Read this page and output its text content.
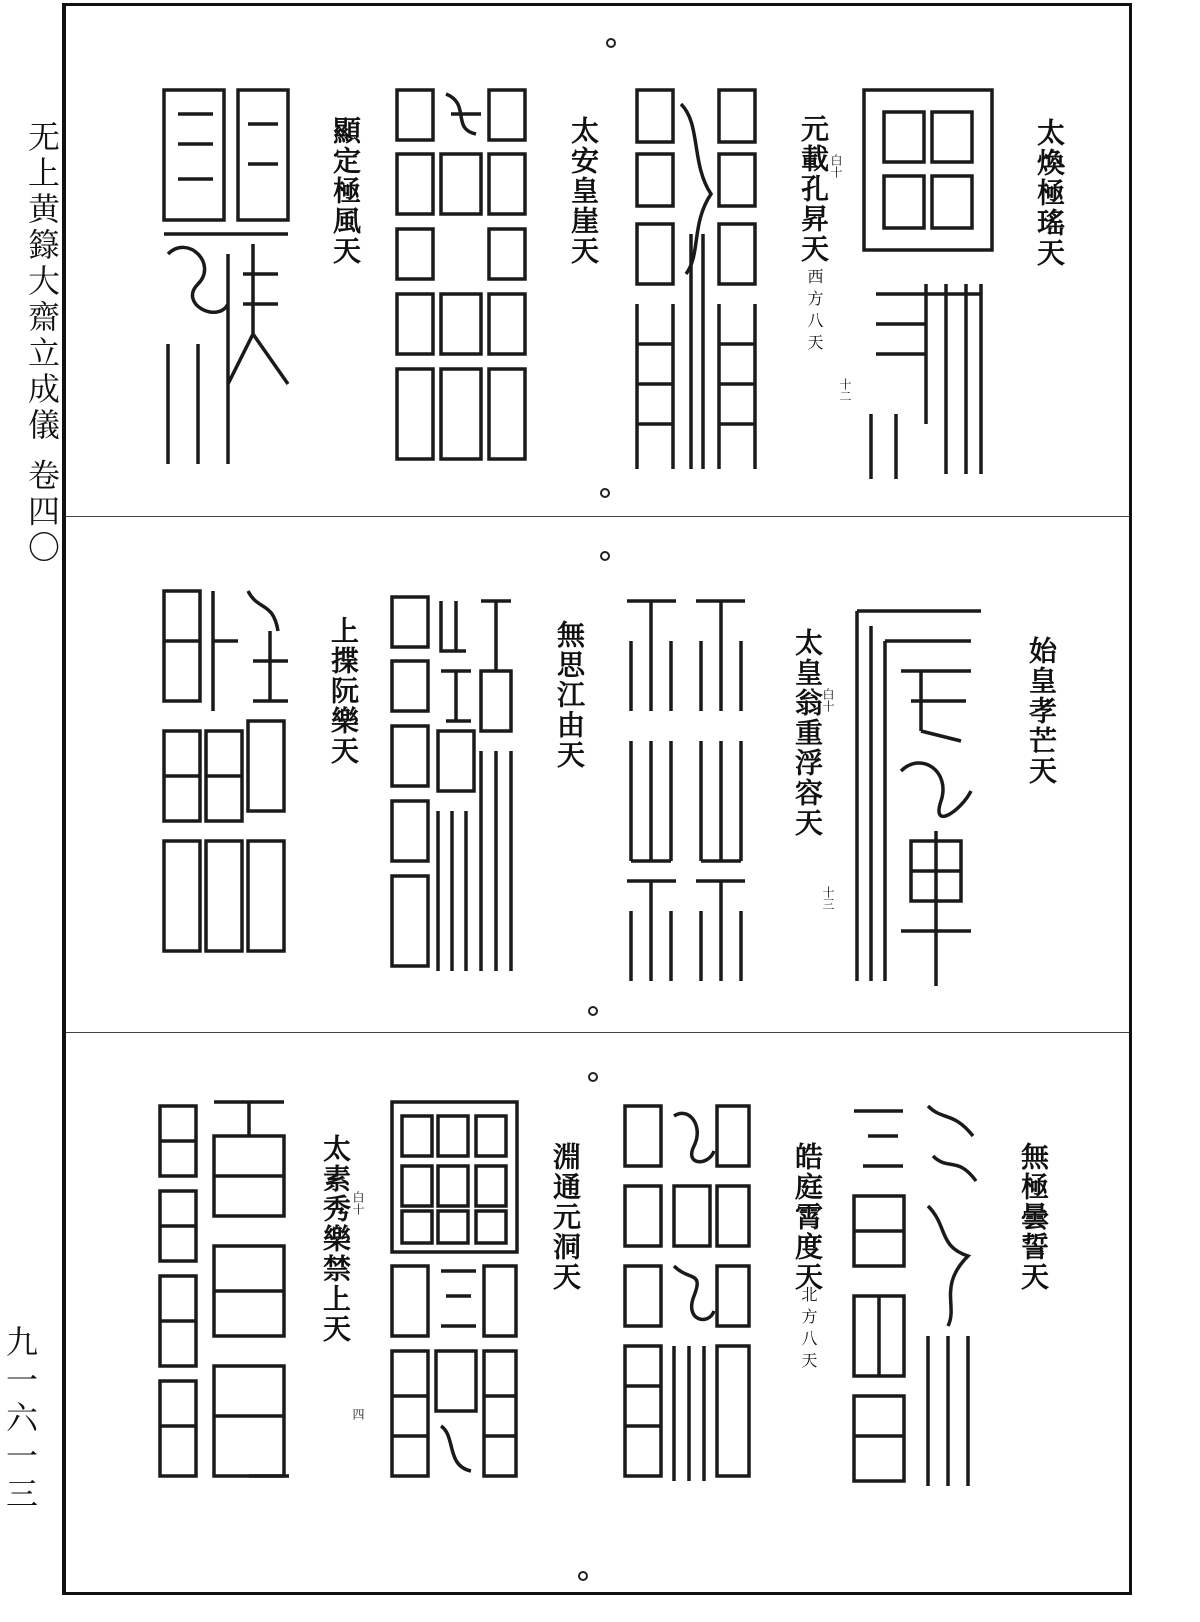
无上黄籙大齋立成儀 卷四〇
九一六一三
太煥極瑤天
元載孔昇天
西方八天
白十
十二
太安皇崖天
顯定極風天
始皇孝芒天
太皇翁重浮容天
白十
十三
無思江由天
上揲阮樂天
無極曇誓天
皓庭霄度天
北方八天
淵通元洞天
太素秀樂禁上天 白十
四
